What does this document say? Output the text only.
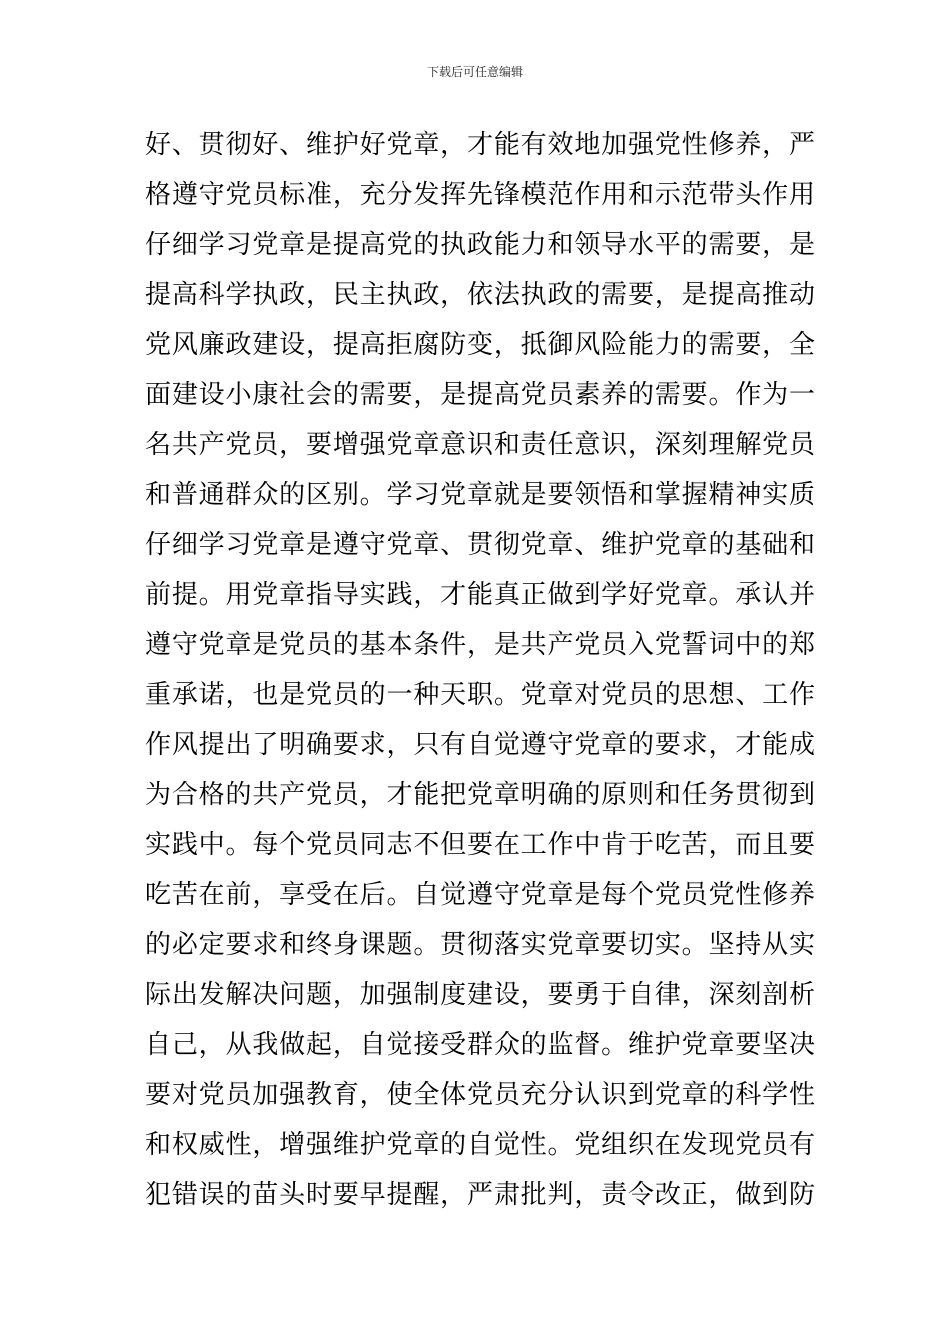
下载后可任意编辑
好、贯彻好、维护好党章，才能有效地加强党性修养，严
格遵守党员标准，充分发挥先锋模范作用和示范带头作用
仔细学习党章是提高党的执政能力和领导水平的需要，是
提高科学执政，民主执政，依法执政的需要，是提高推动
党风廉政建设，提高拒腐防变，抵御风险能力的需要，全
面建设小康社会的需要，是提高党员素养的需要。作为一
名共产党员，要增强党章意识和责任意识，深刻理解党员
和普通群众的区别。学习党章就是要领悟和掌握精神实质
仔细学习党章是遵守党章、贯彻党章、维护党章的基础和
前提。用党章指导实践，才能真正做到学好党章。承认并
遵守党章是党员的基本条件，是共产党员入党誓词中的郑
重承诺，也是党员的一种天职。党章对党员的思想、工作
作风提出了明确要求，只有自觉遵守党章的要求，才能成
为合格的共产党员，才能把党章明确的原则和任务贯彻到
实践中。每个党员同志不但要在工作中肯于吃苦，而且要
吃苦在前，享受在后。自觉遵守党章是每个党员党性修养
的必定要求和终身课题。贯彻落实党章要切实。坚持从实
际出发解决问题，加强制度建设，要勇于自律，深刻剖析
自己，从我做起，自觉接受群众的监督。维护党章要坚决
要对党员加强教育，使全体党员充分认识到党章的科学性
和权威性，增强维护党章的自觉性。党组织在发现党员有
犯错误的苗头时要早提醒，严肃批判，责令改正，做到防
